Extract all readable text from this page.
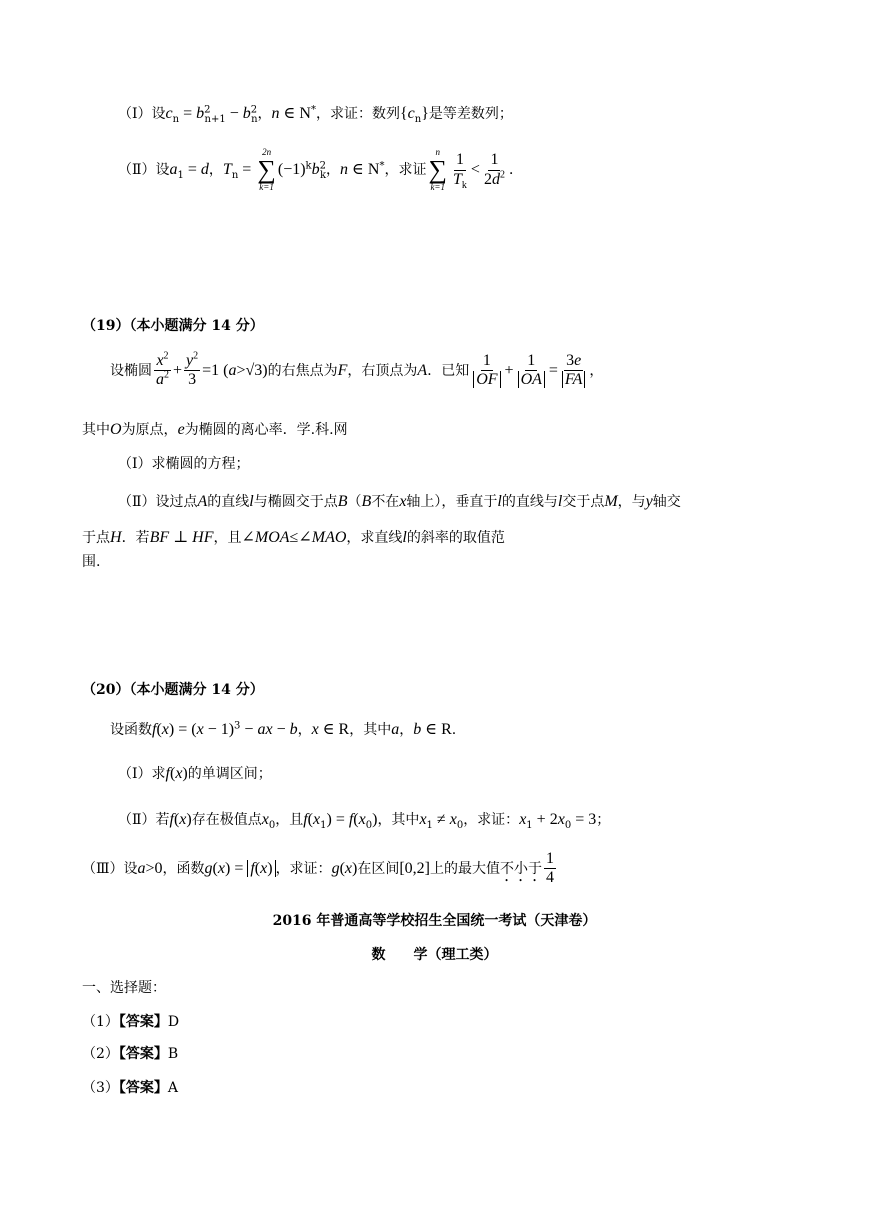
（Ⅰ）设$c_n = b^2_{n+1} - b^2_n$，n ∈ N*，求证：数列$\{c_n\}$是等差数列；
（Ⅱ）设$a_1 = d$，$T_n$ =
2n
∑
k=1
$(-1)^kb^2_k$，n ∈ N*，求证
n
∑
$k=1 \frac{1}{T_k} < \frac{1}{2d^2}$ ．
（19）（本小题满分 14 分）
设椭圆 $\frac{x^2}{a^2} + \frac{y^2}{3} =1$ (a>√3)的右焦点为F，右顶点为A．已知 $\frac{1}{OF} + \frac{1}{OA} = \frac{3e}{FA}$ ，
其中O为原点，e为椭圆的离心率．学.科.网
（Ⅰ）求椭圆的方程；
（Ⅱ）设过点A的直线l与椭圆交于点B（B不在x轴上），垂直于l的直线与l交于点M，与y轴交
于点H．若BF ⊥ HF，且∠MOA≤∠MAO，求直线l的斜率的取值范
围.
（20）（本小题满分 14 分）
设函数$f(x) = (x - 1)^3$ − ax − b，x ∈ R，其中a，b ∈ R.
（Ⅰ）求f(x)的单调区间；
（Ⅱ）若f(x)存在极值点$x_0$，且$f(x_1) = f(x_0)$，其中$x_1 \ne x_0$，求证：$x_1 + 2x_0 = 3$；
（Ⅲ）设a>0，函数g(x) = f(x) ，求证：g(x)在区间[0,2]上的最大值不小于 $\frac{1}{4}$
2016 年普通高等学校招生全国统一考试（天津卷）
数　　学（理工类）
一、选择题：
（1）【答案】D
（2）【答案】B
（3）【答案】A
